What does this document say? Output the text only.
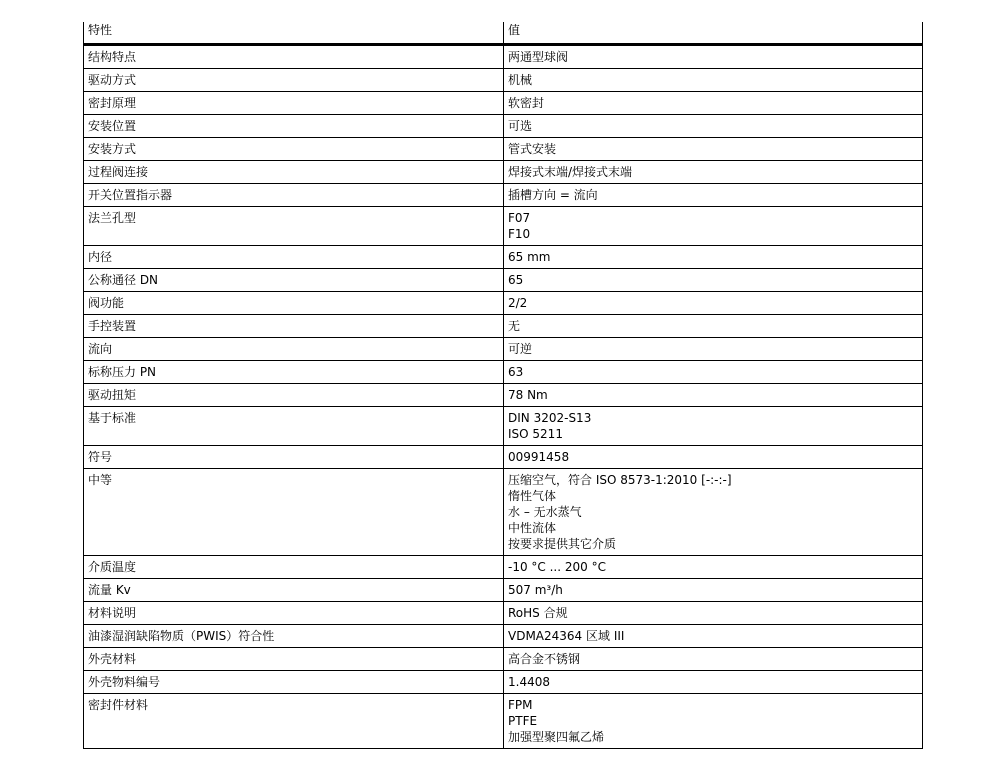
特性	值
结构特点	两通型球阀

驱动方式	机械

密封原理	软密封

安装位置	可选

安装方式	管式安装

过程阀连接	焊接式末端/焊接式末端

开关位置指示器	插槽方向 = 流向

法兰孔型	F07
F10

内径	65 mm

公称通径 DN	65

阀功能	2/2

手控装置	无

流向	可逆

标称压力 PN	63

驱动扭矩	78 Nm

基于标准	DIN 3202-S13
ISO 5211

符号	00991458

中等	压缩空气，符合 ISO 8573-1:2010 [-:-:-]
惰性气体
水 – 无水蒸气
中性流体
按要求提供其它介质

介质温度	-10 °C ... 200 °C

流量 Kv	507 m³/h

材料说明	RoHS 合规

油漆湿润缺陷物质（PWIS）符合性	VDMA24364 区域 III

外壳材料	高合金不锈钢

外壳物料编号	1.4408

密封件材料	FPM
PTFE
加强型聚四氟乙烯
